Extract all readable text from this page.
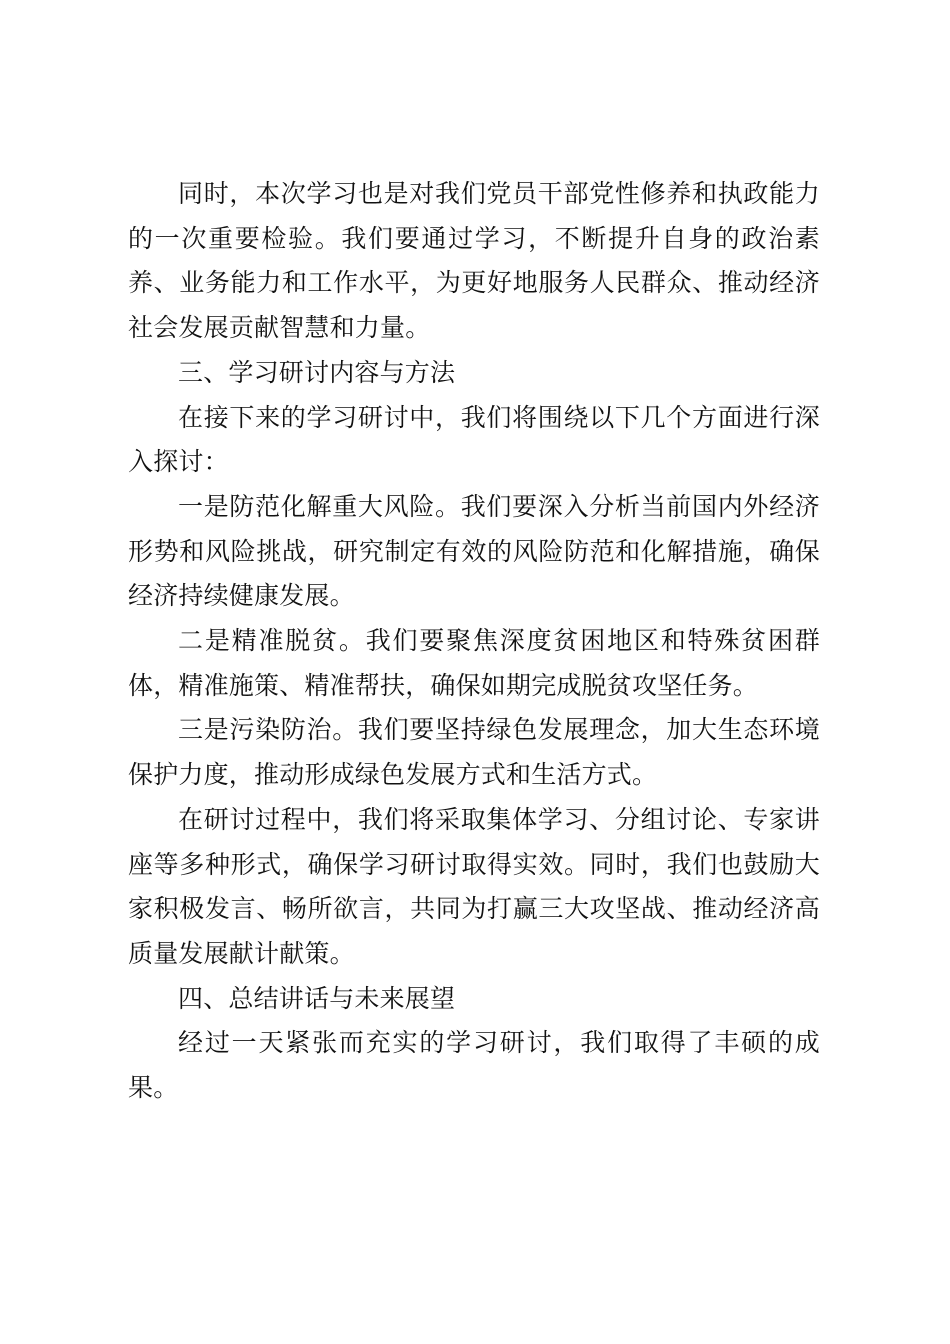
同时，本次学习也是对我们党员干部党性修养和执政能力的一次重要检验。我们要通过学习，不断提升自身的政治素养、业务能力和工作水平，为更好地服务人民群众、推动经济社会发展贡献智慧和力量。

三、学习研讨内容与方法

在接下来的学习研讨中，我们将围绕以下几个方面进行深入探讨：

一是防范化解重大风险。我们要深入分析当前国内外经济形势和风险挑战，研究制定有效的风险防范和化解措施，确保经济持续健康发展。

二是精准脱贫。我们要聚焦深度贫困地区和特殊贫困群体，精准施策、精准帮扶，确保如期完成脱贫攻坚任务。

三是污染防治。我们要坚持绿色发展理念，加大生态环境保护力度，推动形成绿色发展方式和生活方式。

在研讨过程中，我们将采取集体学习、分组讨论、专家讲座等多种形式，确保学习研讨取得实效。同时，我们也鼓励大家积极发言、畅所欲言，共同为打赢三大攻坚战、推动经济高质量发展献计献策。

四、总结讲话与未来展望

经过一天紧张而充实的学习研讨，我们取得了丰硕的成果。
